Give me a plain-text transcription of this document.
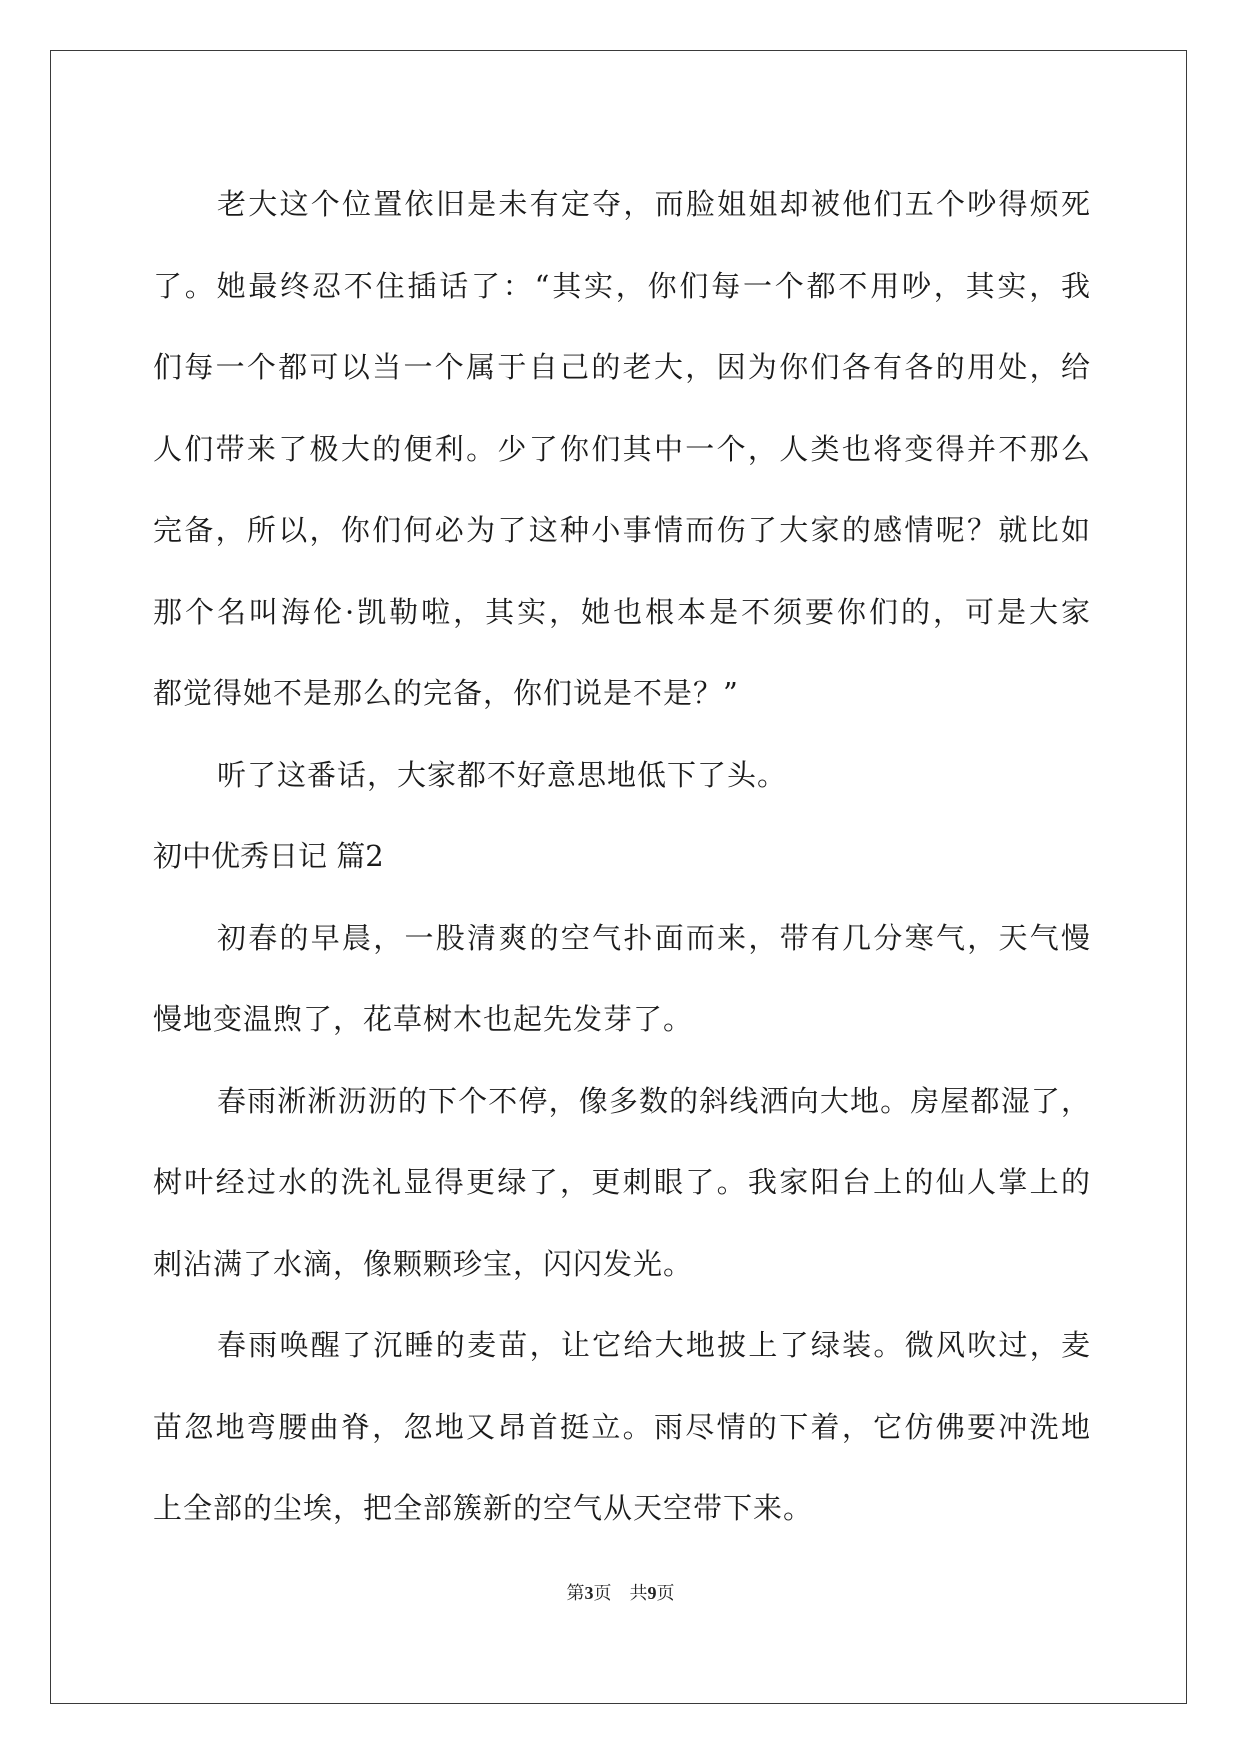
老大这个位置依旧是未有定夺，而脸姐姐却被他们五个吵得烦死
了。她最终忍不住插话了：“其实，你们每一个都不用吵，其实，我
们每一个都可以当一个属于自己的老大，因为你们各有各的用处，给
人们带来了极大的便利。少了你们其中一个，人类也将变得并不那么
完备，所以，你们何必为了这种小事情而伤了大家的感情呢？就比如
那个名叫海伦·凯勒啦，其实，她也根本是不须要你们的，可是大家
都觉得她不是那么的完备，你们说是不是？”
听了这番话，大家都不好意思地低下了头。
初中优秀日记 篇2
初春的早晨，一股清爽的空气扑面而来，带有几分寒气，天气慢
慢地变温煦了，花草树木也起先发芽了。
春雨淅淅沥沥的下个不停，像多数的斜线洒向大地。房屋都湿了，
树叶经过水的洗礼显得更绿了，更刺眼了。我家阳台上的仙人掌上的
刺沾满了水滴，像颗颗珍宝，闪闪发光。
春雨唤醒了沉睡的麦苗，让它给大地披上了绿装。微风吹过，麦
苗忽地弯腰曲脊，忽地又昂首挺立。雨尽情的下着，它仿佛要冲洗地
上全部的尘埃，把全部簇新的空气从天空带下来。
第3页 共9页
